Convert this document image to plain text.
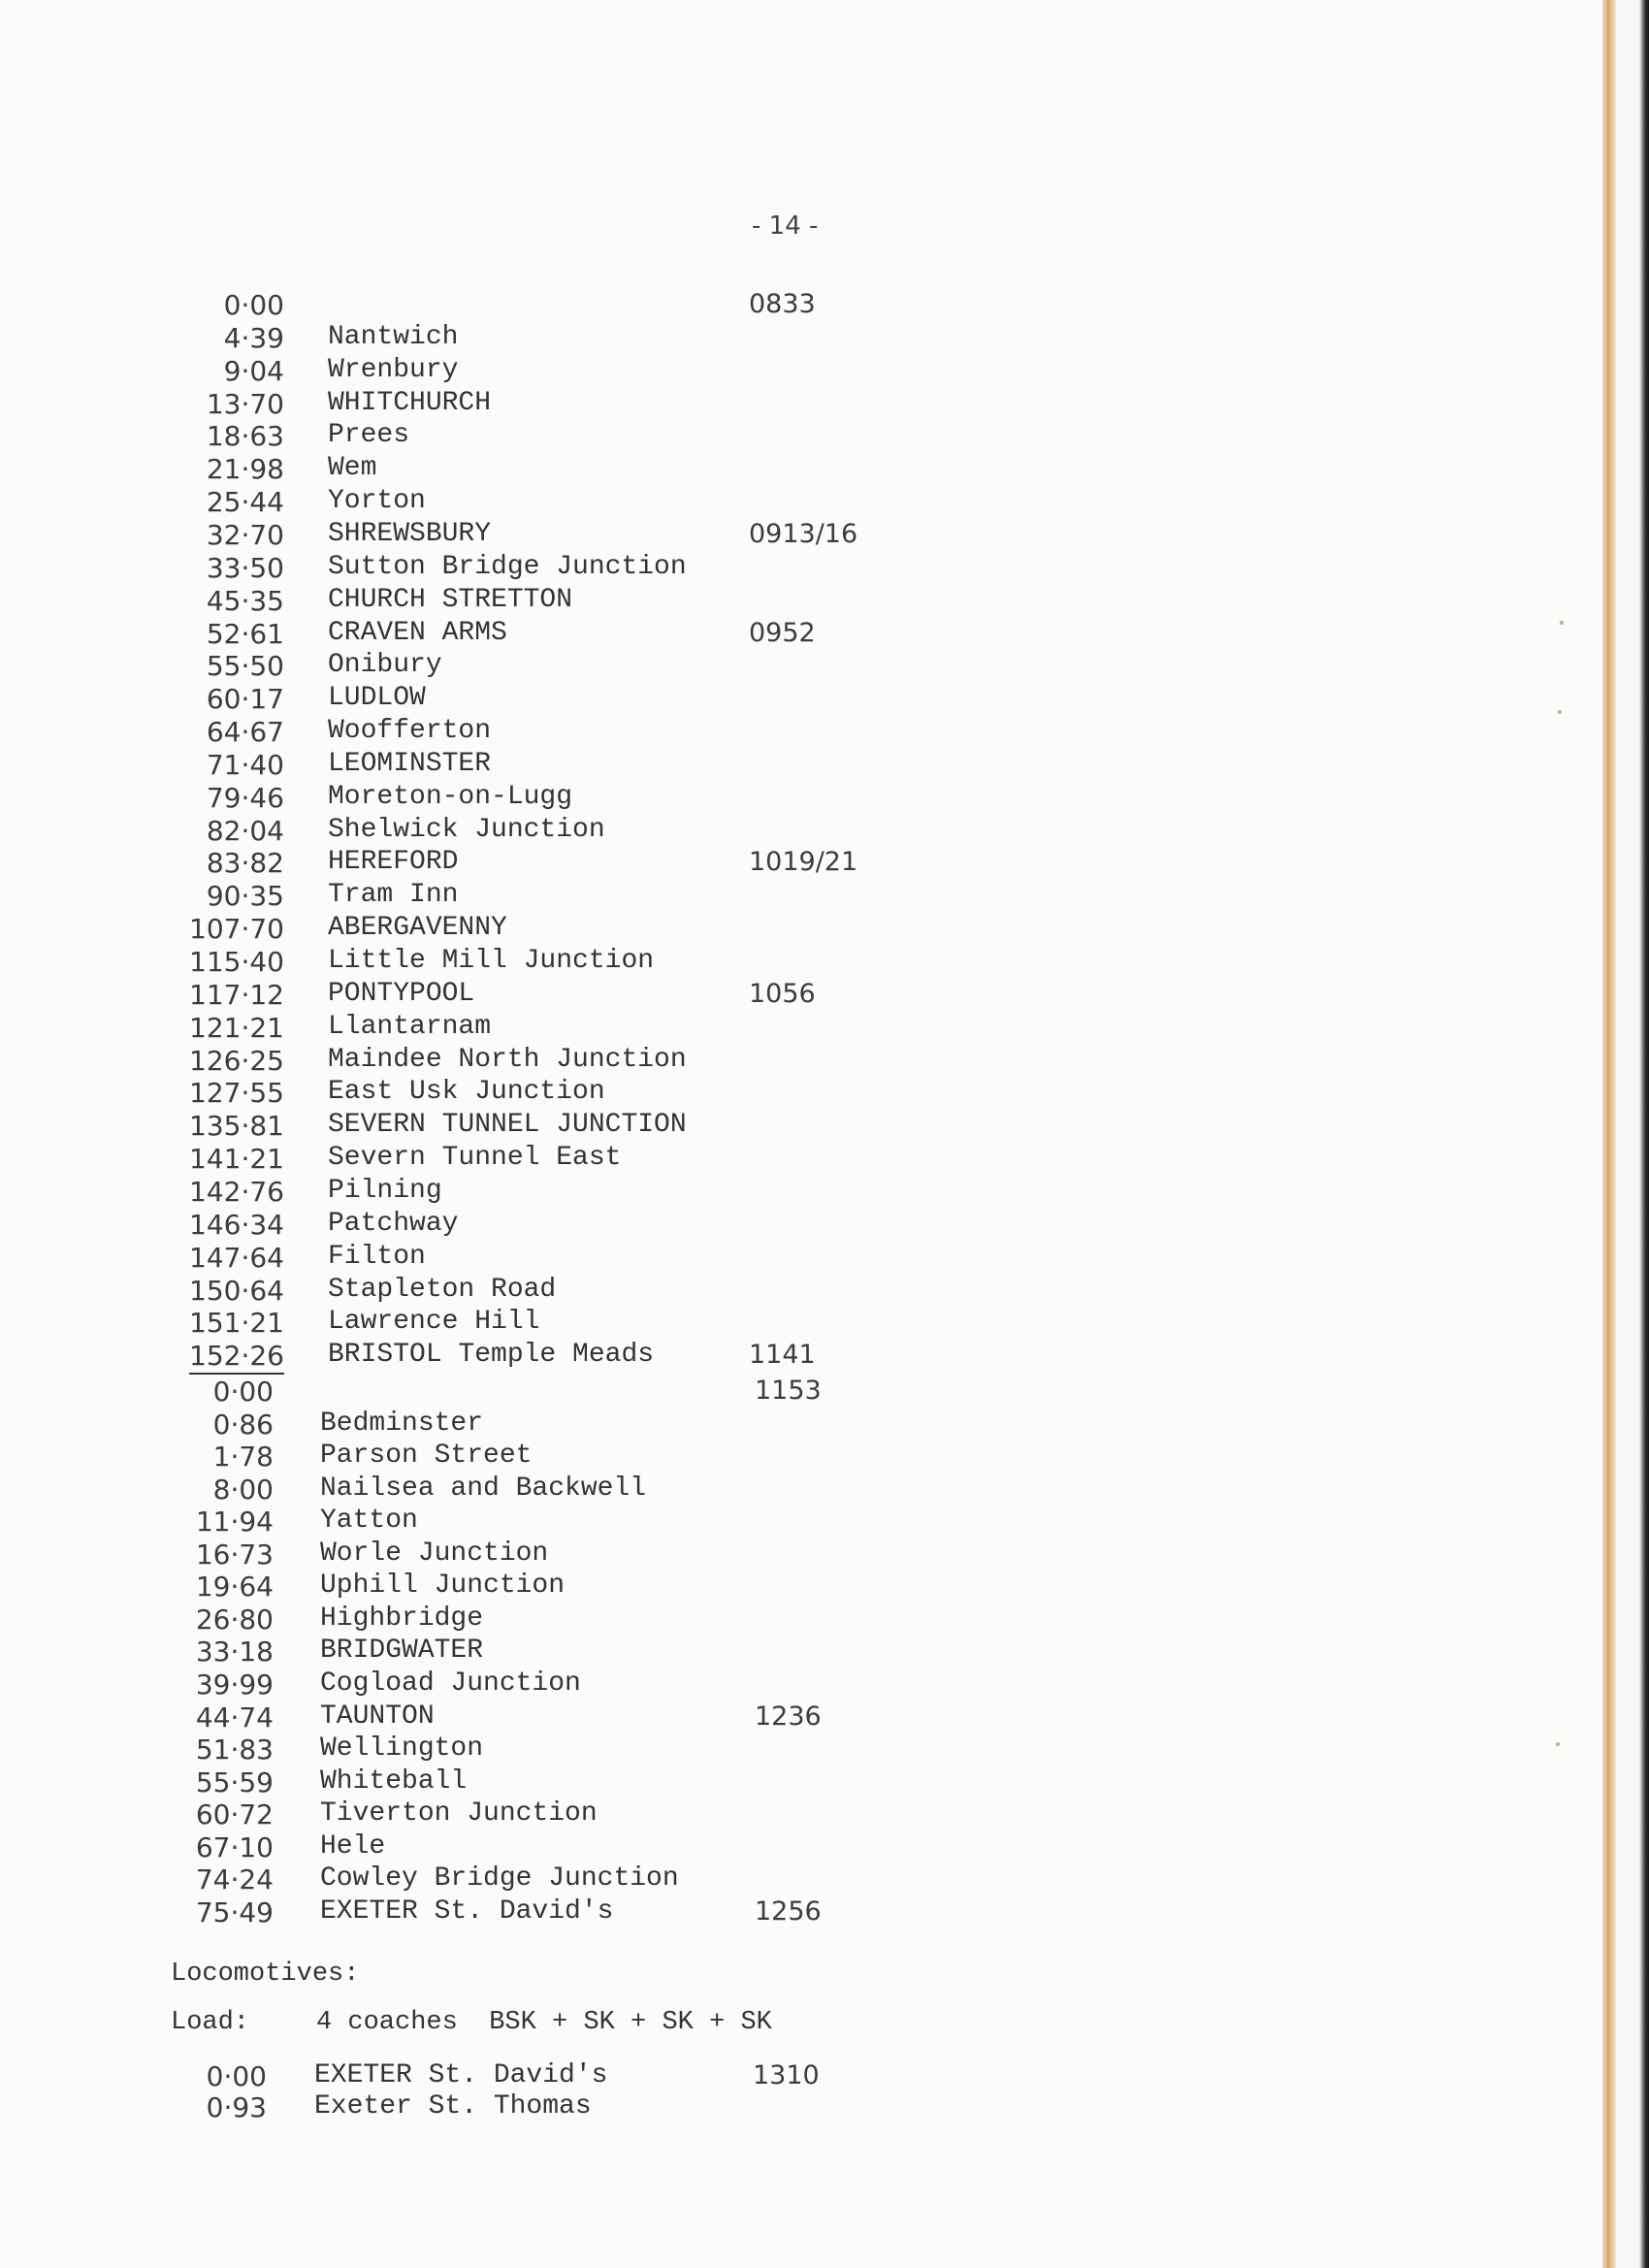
- 14 -
0·00	0833
4·39 Nantwich
9·04 Wrenbury
13·70 WHITCHURCH
18·63 Prees
21·98 Wem
25·44 Yorton
32·70 SHREWSBURY	0913/16
33·50 Sutton Bridge Junction
45·35 CHURCH STRETTON
52·61 CRAVEN ARMS	0952
55·50 Onibury
60·17 LUDLOW
64·67 Woofferton
71·40 LEOMINSTER
79·46 Moreton-on-Lugg
82·04 Shelwick Junction
83·82 HEREFORD	1019/21
90·35 Tram Inn
107·70 ABERGAVENNY
115·40 Little Mill Junction
117·12 PONTYPOOL	1056
121·21 Llantarnam
126·25 Maindee North Junction
127·55 East Usk Junction
135·81 SEVERN TUNNEL JUNCTION
141·21 Severn Tunnel East
142·76 Pilning
146·34 Patchway
147·64 Filton
150·64 Stapleton Road
151·21 Lawrence Hill
152·26 BRISTOL Temple Meads	1141
0·00	1153
0·86 Bedminster
1·78 Parson Street
8·00 Nailsea and Backwell
11·94 Yatton
16·73 Worle Junction
19·64 Uphill Junction
26·80 Highbridge
33·18 BRIDGWATER
39·99 Cogload Junction
44·74 TAUNTON	1236
51·83 Wellington
55·59 Whiteball
60·72 Tiverton Junction
67·10 Hele
74·24 Cowley Bridge Junction
75·49 EXETER St. David's	1256
Locomotives:
Load:	4 coaches  BSK + SK + SK + SK
0·00 EXETER St. David's	1310
0·93 Exeter St. Thomas
